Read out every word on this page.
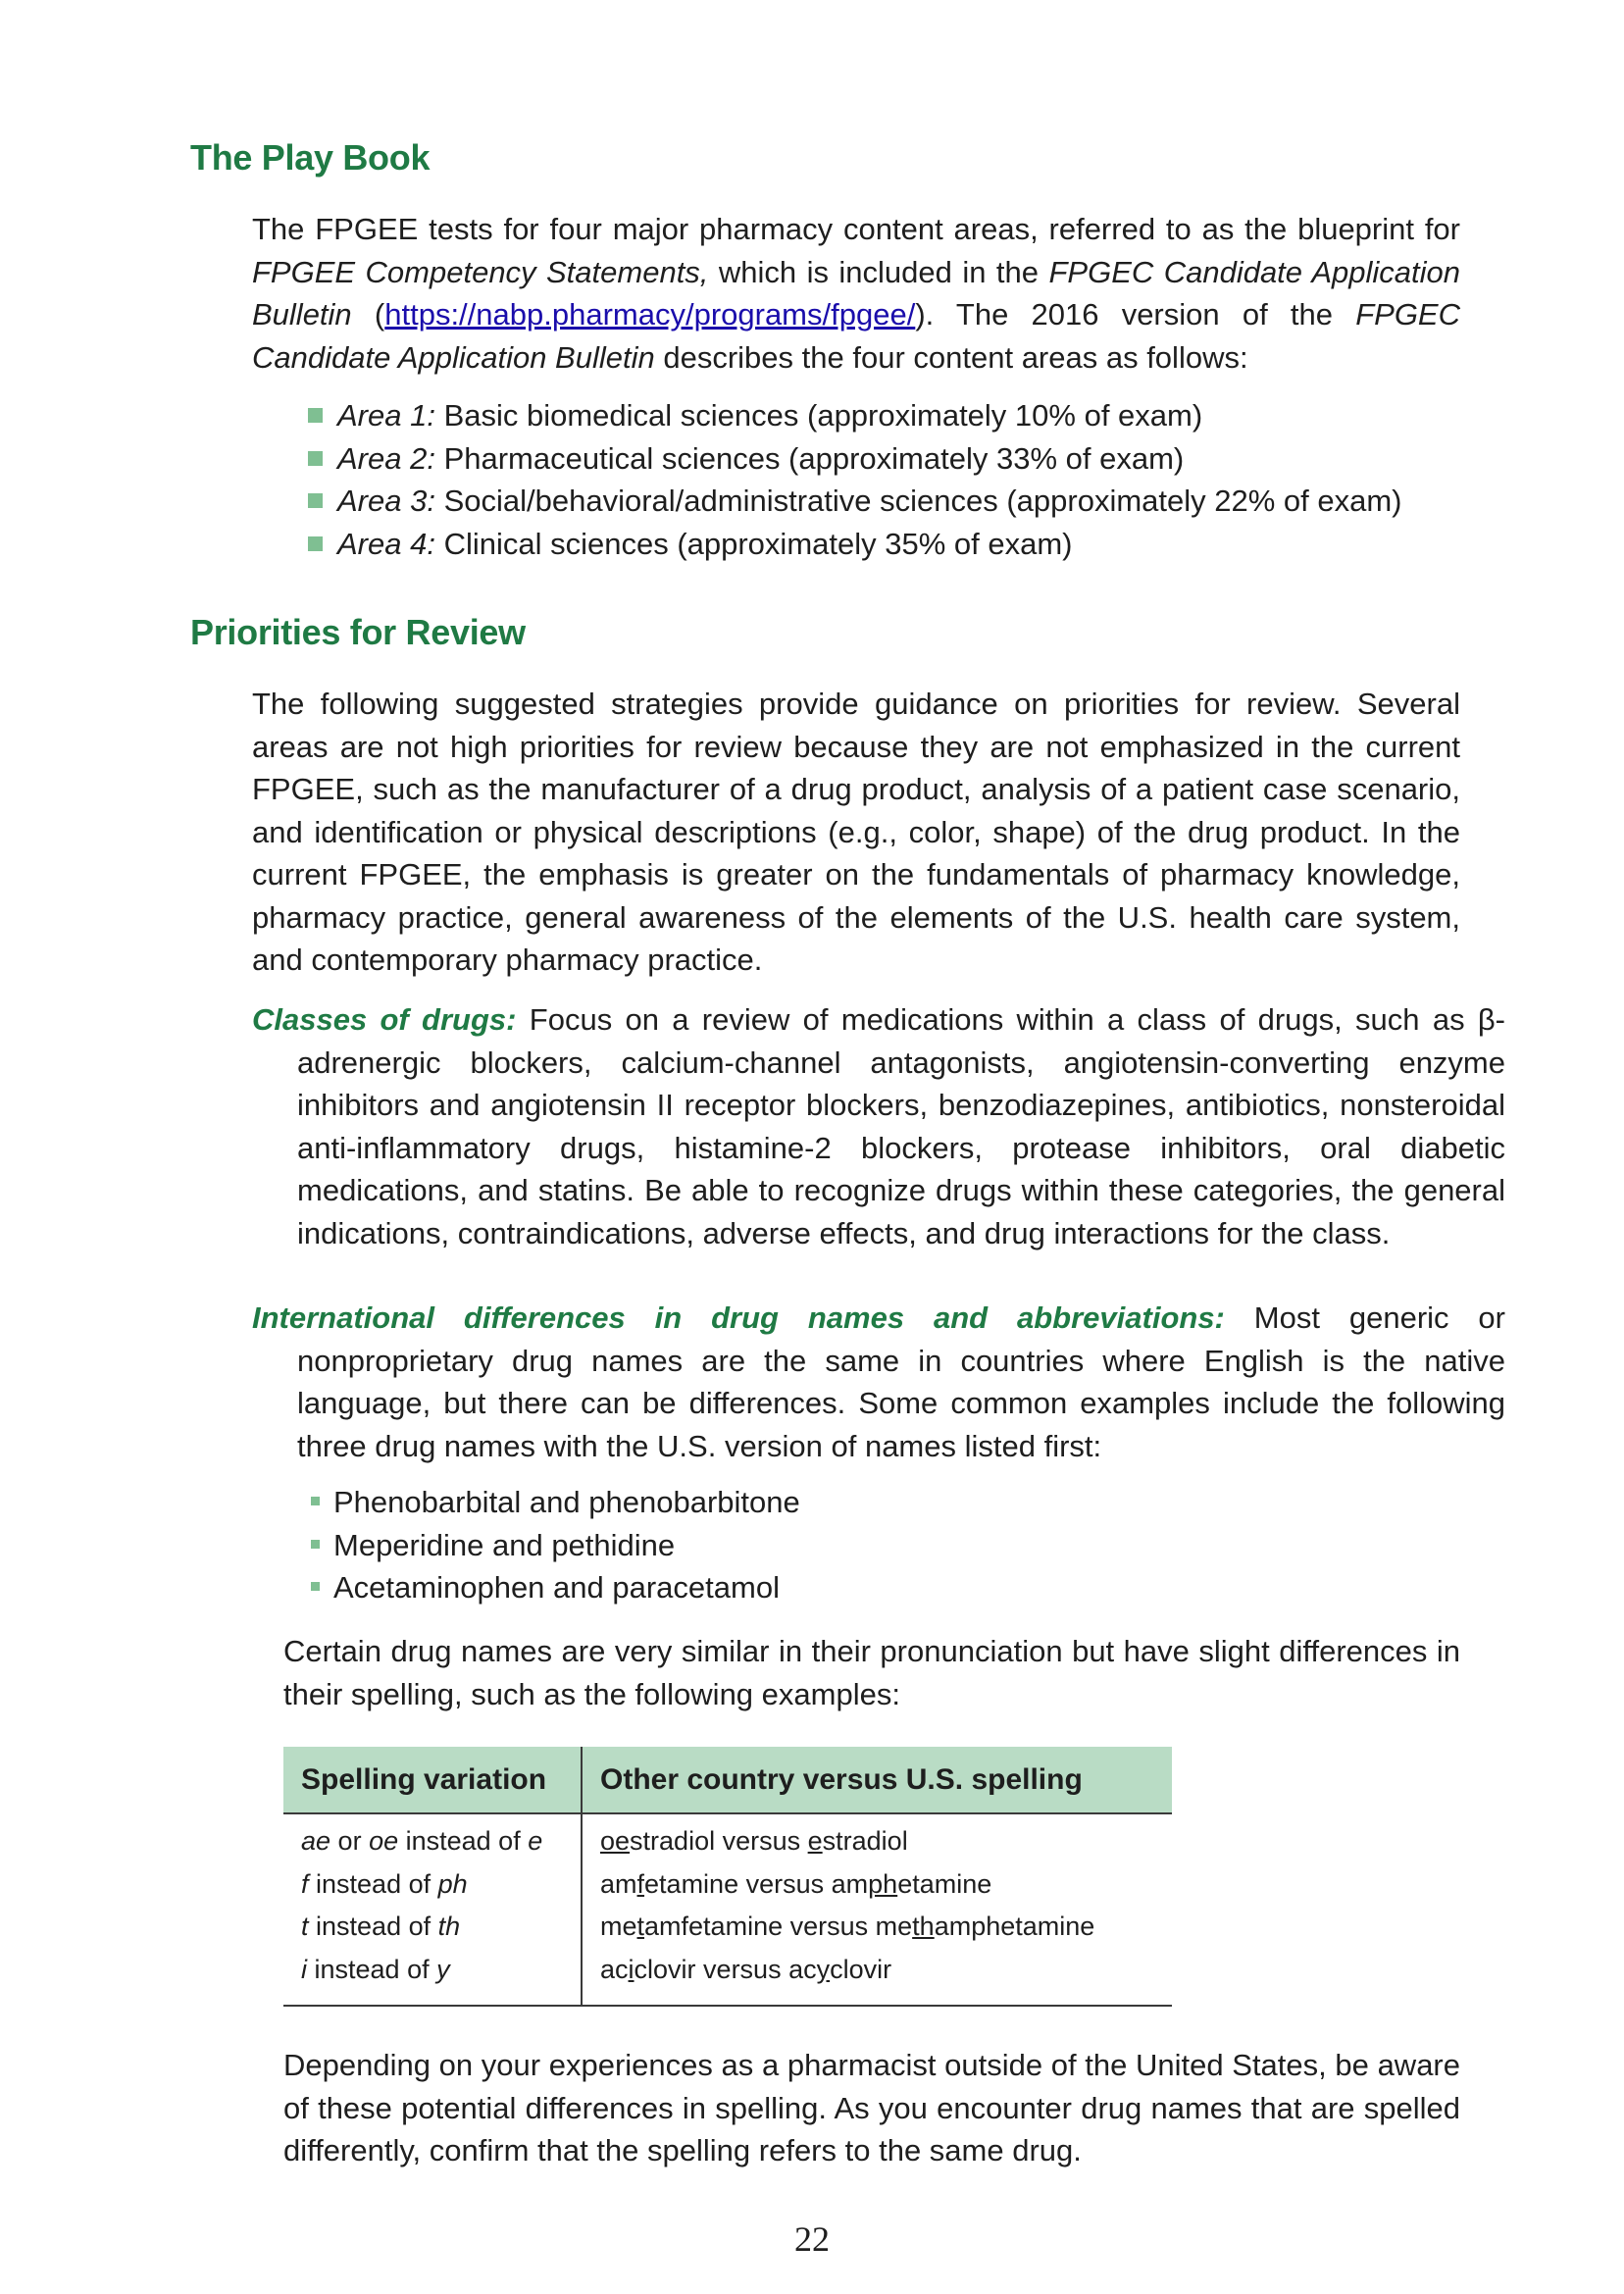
The Play Book

The FPGEE tests for four major pharmacy content areas, referred to as the blueprint for FPGEE Competency Statements, which is included in the FPGEC Candidate Application Bulletin (https://nabp.pharmacy/programs/fpgee/). The 2016 version of the FPGEC Candidate Application Bulletin describes the four content areas as follows:

Area 1: Basic biomedical sciences (approximately 10% of exam)
Area 2: Pharmaceutical sciences (approximately 33% of exam)
Area 3: Social/behavioral/administrative sciences (approximately 22% of exam)
Area 4: Clinical sciences (approximately 35% of exam)
Priorities for Review

The following suggested strategies provide guidance on priorities for review. Several areas are not high priorities for review because they are not emphasized in the current FPGEE, such as the manufacturer of a drug product, analysis of a patient case scenario, and identification or physical descriptions (e.g., color, shape) of the drug product. In the current FPGEE, the emphasis is greater on the fundamentals of pharmacy knowledge, pharmacy practice, general awareness of the elements of the U.S. health care system, and contemporary pharmacy practice.

Classes of drugs: Focus on a review of medications within a class of drugs, such as β-adrenergic blockers, calcium-channel antagonists, angiotensin-converting enzyme inhibitors and angiotensin II receptor blockers, benzodiazepines, antibiotics, nonsteroidal anti-inflammatory drugs, histamine-2 blockers, protease inhibitors, oral diabetic medications, and statins. Be able to recognize drugs within these categories, the general indications, contraindications, adverse effects, and drug interactions for the class.

International differences in drug names and abbreviations: Most generic or nonproprietary drug names are the same in countries where English is the native language, but there can be differences. Some common examples include the following three drug names with the U.S. version of names listed first:

Phenobarbital and phenobarbitone
Meperidine and pethidine
Acetaminophen and paracetamol

Certain drug names are very similar in their pronunciation but have slight differences in their spelling, such as the following examples:

Spelling variation	Other country versus U.S. spelling
ae or oe instead of e	oestradiol versus estradiol
f instead of ph	amfetamine versus amphetamine
t instead of th	metamfetamine versus methamphetamine
i instead of y	aciclovir versus acyclovir

Depending on your experiences as a pharmacist outside of the United States, be aware of these potential differences in spelling. As you encounter drug names that are spelled differently, confirm that the spelling refers to the same drug.

22
